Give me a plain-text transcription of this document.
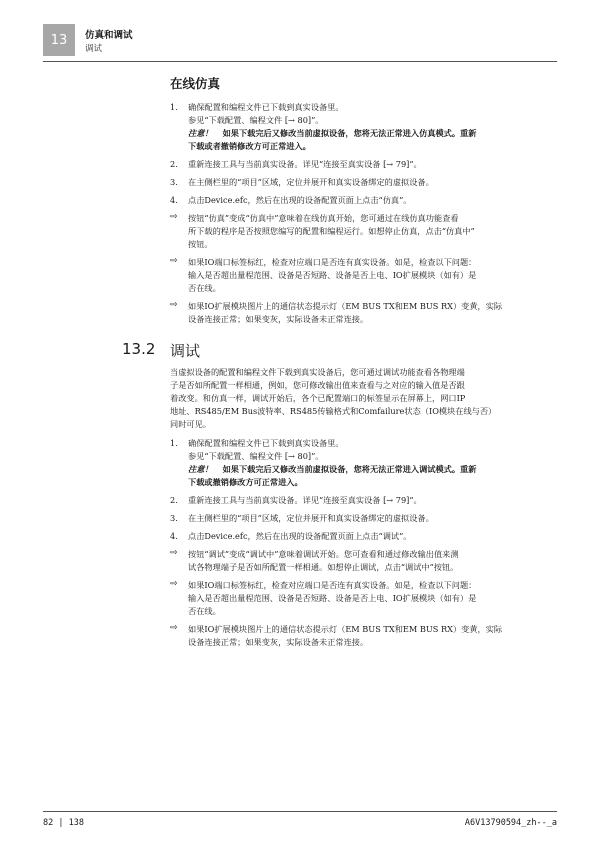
13 仿真和调试
调试
在线仿真
1. 确保配置和编程文件已下载到真实设备里。
参见“下载配置、编程文件 [→ 80]”。
注意！ 如果下载完后又修改当前虚拟设备，您将无法正常进入仿真模式。重新
下载或者撤销修改方可正常进入。
2. 重新连接工具与当前真实设备。详见“连接至真实设备 [→ 79]”。
3. 在主侧栏里的“项目”区域，定位并展开和真实设备绑定的虚拟设备。
4. 点击Device.efc，然后在出现的设备配置页面上点击“仿真”。
⇨ 按钮“仿真”变成“仿真中”意味着在线仿真开始，您可通过在线仿真功能查看
所下载的程序是否按照您编写的配置和编程运行。如想停止仿真，点击“仿真中”
按钮。
⇨ 如果IO端口标签标红，检查对应端口是否连有真实设备。如是，检查以下问题：
输入是否超出量程范围、设备是否短路、设备是否上电、IO扩展模块（如有）是
否在线。
⇨ 如果IO扩展模块图片上的通信状态提示灯（EM BUS TX和EM BUS RX）变黄，实际
设备连接正常；如果变灰，实际设备未正常连接。
13.2 调试
当虚拟设备的配置和编程文件下载到真实设备后，您可通过调试功能查看各物理端
子是否如所配置一样相通，例如，您可修改输出值来查看与之对应的输入值是否跟
着改变。和仿真一样，调试开始后，各个已配置端口的标签显示在屏幕上，网口IP
地址、RS485/EM Bus波特率、RS485传输格式和Comfailure状态（IO模块在线与否）
同时可见。
1. 确保配置和编程文件已下载到真实设备里。
参见“下载配置、编程文件 [→ 80]”。
注意！ 如果下载完后又修改当前虚拟设备，您将无法正常进入调试模式。重新
下载或撤销修改方可正常进入。
2. 重新连接工具与当前真实设备。详见“连接至真实设备 [→ 79]”。
3. 在主侧栏里的“项目”区域，定位并展开和真实设备绑定的虚拟设备。
4. 点击Device.efc，然后在出现的设备配置页面上点击“调试”。
⇨ 按钮“调试”变成“调试中”意味着调试开始。您可查看和通过修改输出值来测
试各物理端子是否如所配置一样相通。如想停止调试，点击“调试中”按钮。
⇨ 如果IO端口标签标红，检查对应端口是否连有真实设备。如是，检查以下问题：
输入是否超出量程范围、设备是否短路、设备是否上电、IO扩展模块（如有）是
否在线。
⇨ 如果IO扩展模块图片上的通信状态提示灯（EM BUS TX和EM BUS RX）变黄，实际
设备连接正常；如果变灰，实际设备未正常连接。
82 | 138	A6V13790594_zh--_a
